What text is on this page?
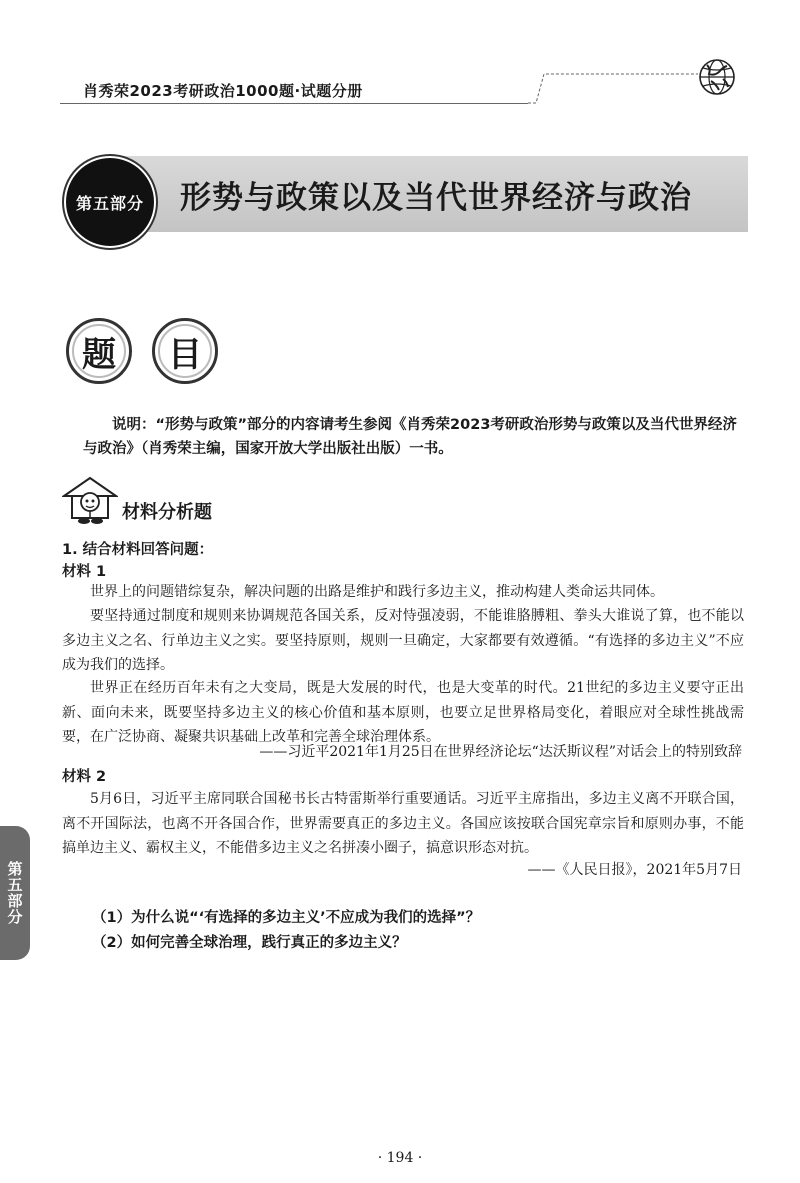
肖秀荣2023考研政治1000题·试题分册
形势与政策以及当代世界经济与政治
第五部分
题 目

说明：“形势与政策”部分的内容请考生参阅《肖秀荣2023考研政治形势与政策以及当代世界经济与政治》（肖秀荣主编，国家开放大学出版社出版）一书。

材料分析题
1. 结合材料回答问题：
材料 1

世界上的问题错综复杂，解决问题的出路是维护和践行多边主义，推动构建人类命运共同体。

要坚持通过制度和规则来协调规范各国关系，反对恃强凌弱，不能谁胳膊粗、拳头大谁说了算，也不能以多边主义之名、行单边主义之实。要坚持原则，规则一旦确定，大家都要有效遵循。“有选择的多边主义”不应成为我们的选择。

世界正在经历百年未有之大变局，既是大发展的时代，也是大变革的时代。21世纪的多边主义要守正出新、面向未来，既要坚持多边主义的核心价值和基本原则，也要立足世界格局变化，着眼应对全球性挑战需要，在广泛协商、凝聚共识基础上改革和完善全球治理体系。

——习近平2021年1月25日在世界经济论坛“达沃斯议程”对话会上的特别致辞
材料 2

5月6日，习近平主席同联合国秘书长古特雷斯举行重要通话。习近平主席指出，多边主义离不开联合国，离不开国际法，也离不开各国合作，世界需要真正的多边主义。各国应该按联合国宪章宗旨和原则办事，不能搞单边主义、霸权主义，不能借多边主义之名拼凑小圈子，搞意识形态对抗。

——《人民日报》，2021年5月7日
（1）为什么说“‘有选择的多边主义’不应成为我们的选择”？
（2）如何完善全球治理，践行真正的多边主义？
第五部分
· 194 ·
